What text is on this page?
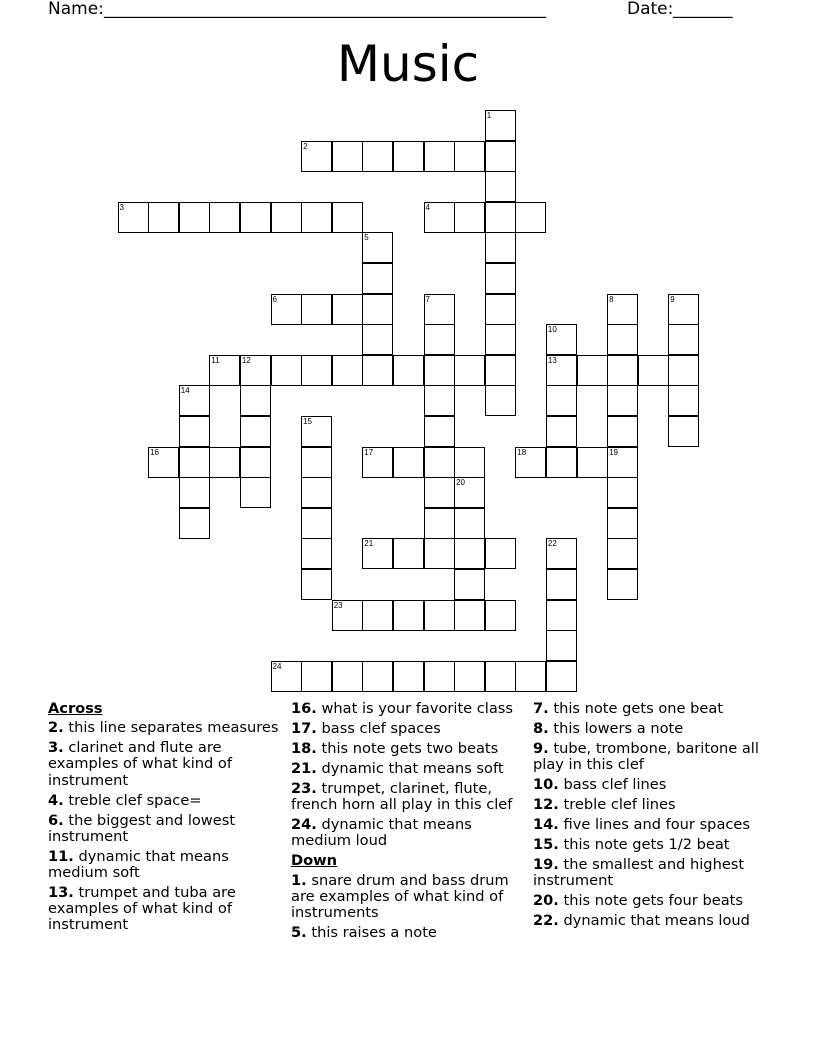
Name: ____________________________________________________	Date: _______
Music
1
2
3	4
5
6	7	8	9
10
13
11	12
14
15
16	17	18	19
20
21	22
23
24
Across
2. this line separates measures
3. clarinet and flute are examples of what kind of instrument
4. treble clef space=
6. the biggest and lowest instrument
11. dynamic that means medium soft
13. trumpet and tuba are examples of what kind of instrument
16. what is your favorite class
17. bass clef spaces
18. this note gets two beats
21. dynamic that means soft
23. trumpet, clarinet, flute, french horn all play in this clef
24. dynamic that means medium loud
Down
1. snare drum and bass drum are examples of what kind of instruments
5. this raises a note
7. this note gets one beat
8. this lowers a note
9. tube, trombone, baritone all play in this clef
10. bass clef lines
12. treble clef lines
14. five lines and four spaces
15. this note gets 1/2 beat
19. the smallest and highest instrument
20. this note gets four beats
22. dynamic that means loud
